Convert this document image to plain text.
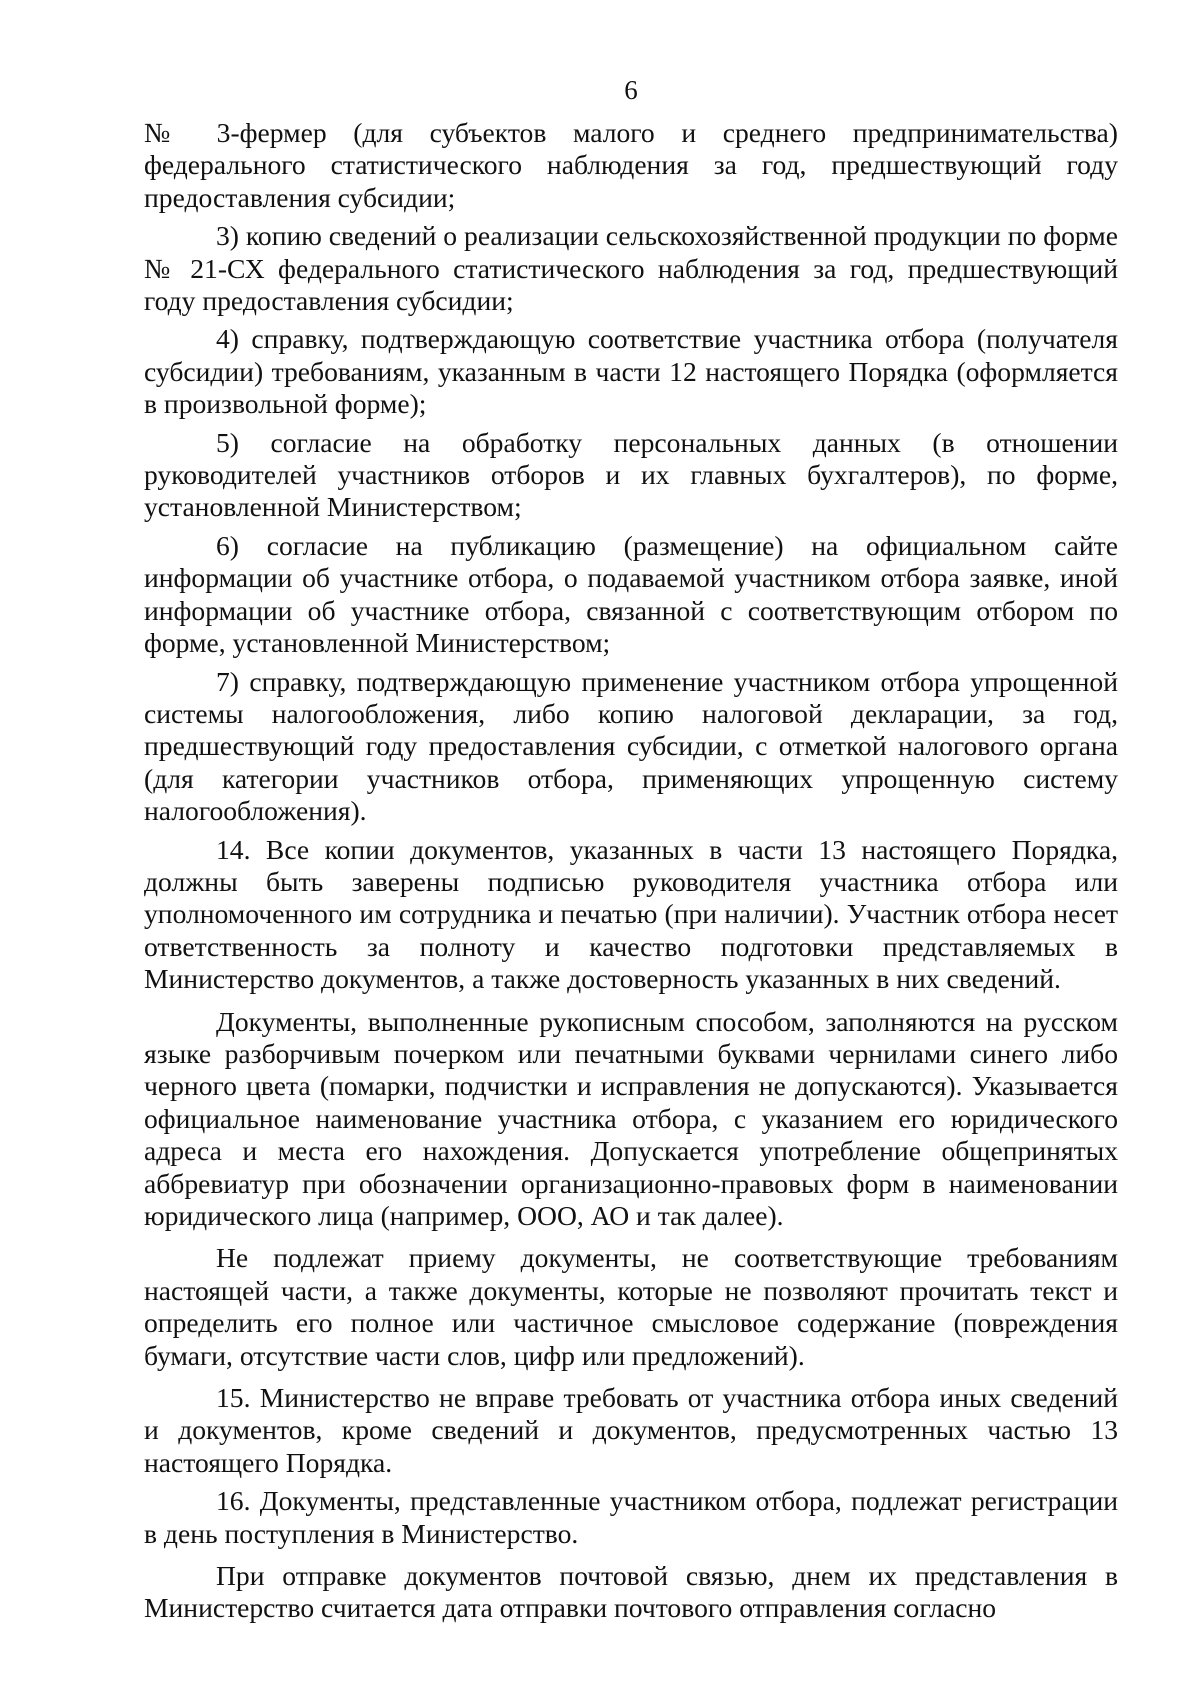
6

№ 3-фермер (для субъектов малого и среднего предпринимательства) федерального статистического наблюдения за год, предшествующий году предоставления субсидии;

3) копию сведений о реализации сельскохозяйственной продукции по форме № 21-СХ федерального статистического наблюдения за год, предшествующий году предоставления субсидии;

4) справку, подтверждающую соответствие участника отбора (получателя субсидии) требованиям, указанным в части 12 настоящего Порядка (оформляется в произвольной форме);

5) согласие на обработку персональных данных (в отношении руководителей участников отборов и их главных бухгалтеров), по форме, установленной Министерством;

6) согласие на публикацию (размещение) на официальном сайте информации об участнике отбора, о подаваемой участником отбора заявке, иной информации об участнике отбора, связанной с соответствующим отбором по форме, установленной Министерством;

7) справку, подтверждающую применение участником отбора упрощенной системы налогообложения, либо копию налоговой декларации, за год, предшествующий году предоставления субсидии, с отметкой налогового органа (для категории участников отбора, применяющих упрощенную систему налогообложения).

14. Все копии документов, указанных в части 13 настоящего Порядка, должны быть заверены подписью руководителя участника отбора или уполномоченного им сотрудника и печатью (при наличии). Участник отбора несет ответственность за полноту и качество подготовки представляемых в Министерство документов, а также достоверность указанных в них сведений.

Документы, выполненные рукописным способом, заполняются на русском языке разборчивым почерком или печатными буквами чернилами синего либо черного цвета (помарки, подчистки и исправления не допускаются). Указывается официальное наименование участника отбора, с указанием его юридического адреса и места его нахождения. Допускается употребление общепринятых аббревиатур при обозначении организационно-правовых форм в наименовании юридического лица (например, ООО, АО и так далее).

Не подлежат приему документы, не соответствующие требованиям настоящей части, а также документы, которые не позволяют прочитать текст и определить его полное или частичное смысловое содержание (повреждения бумаги, отсутствие части слов, цифр или предложений).

15. Министерство не вправе требовать от участника отбора иных сведений и документов, кроме сведений и документов, предусмотренных частью 13 настоящего Порядка.

16. Документы, представленные участником отбора, подлежат регистрации в день поступления в Министерство.

При отправке документов почтовой связью, днем их представления в Министерство считается дата отправки почтового отправления согласно
